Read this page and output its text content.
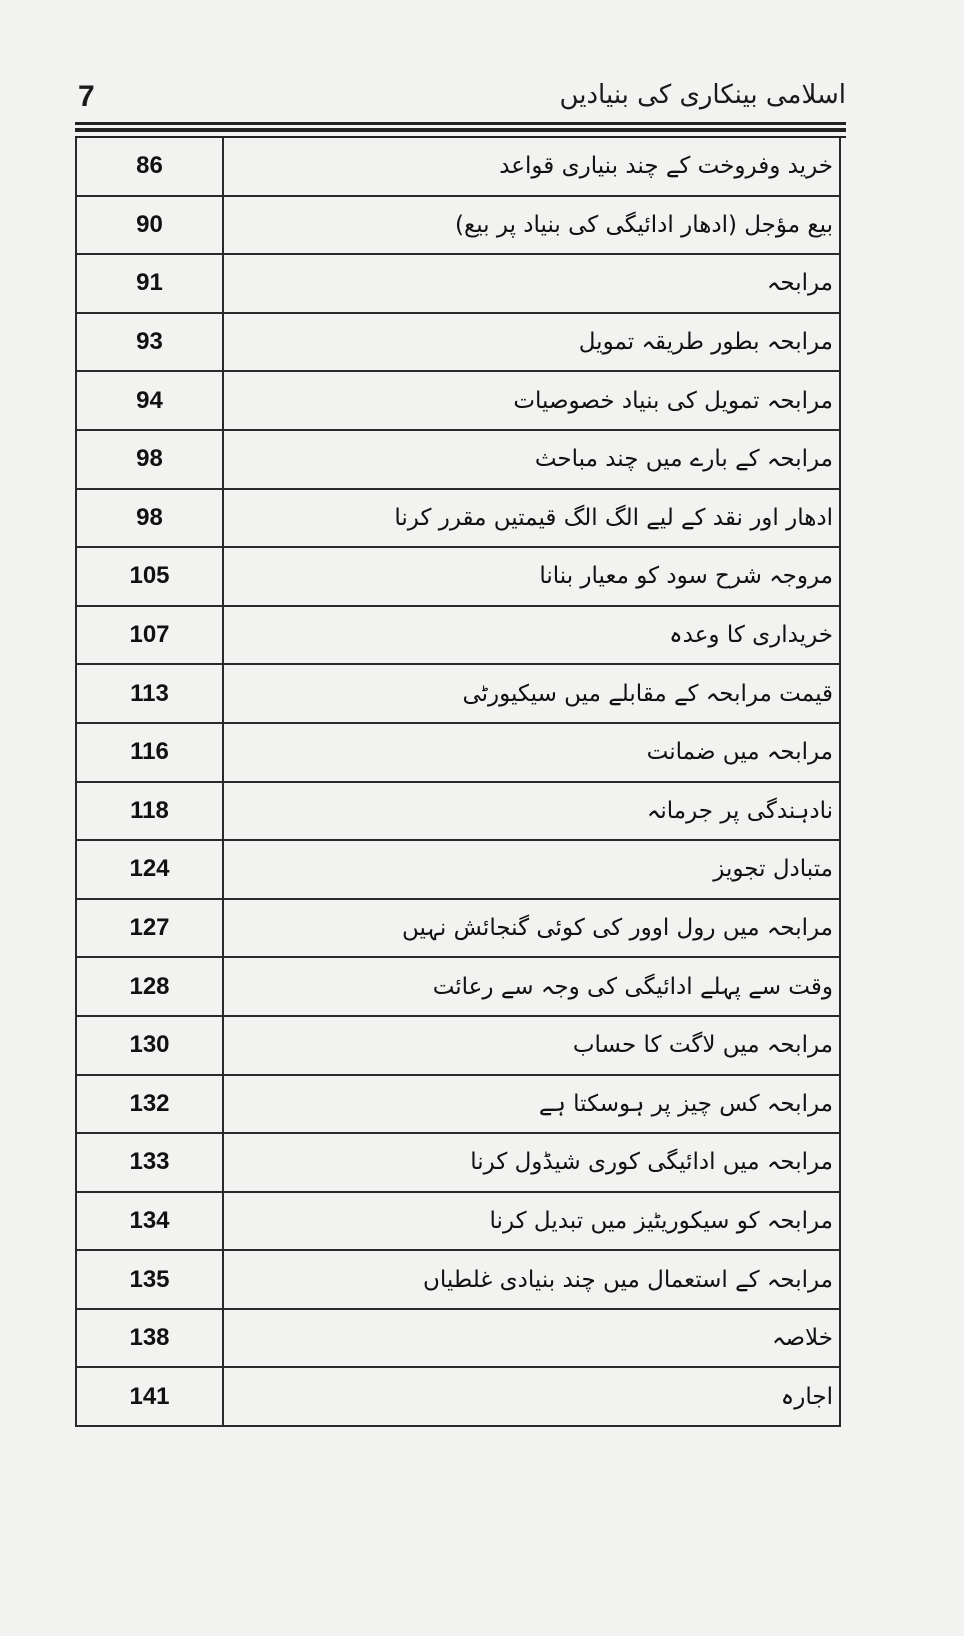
7	اسلامی بینکاری کی بنیادیں
86	خرید وفروخت کے چند بنیاری قواعد
90	بیع مؤجل (ادھار ادائیگی کی بنیاد پر بیع)
91	مرابحہ
93	مرابحہ بطور طریقہ تمویل
94	مرابحہ تمویل کی بنیاد خصوصیات
98	مرابحہ کے بارے میں چند مباحث
98	ادھار اور نقد کے لیے الگ الگ قیمتیں مقرر کرنا
105	مروجہ شرح سود کو معیار بنانا
107	خریداری کا وعدہ
113	قیمت مرابحہ کے مقابلے میں سیکیورٹی
116	مرابحہ میں ضمانت
118	نادہندگی پر جرمانہ
124	متبادل تجویز
127	مرابحہ میں رول اوور کی کوئی گنجائش نہیں
128	وقت سے پہلے ادائیگی کی وجہ سے رعائت
130	مرابحہ میں لاگت کا حساب
132	مرابحہ کس چیز پر ہوسکتا ہے
133	مرابحہ میں ادائیگی کوری شیڈول کرنا
134	مرابحہ کو سیکوریٹیز میں تبدیل کرنا
135	مرابحہ کے استعمال میں چند بنیادی غلطیاں
138	خلاصہ
141	اجارہ
